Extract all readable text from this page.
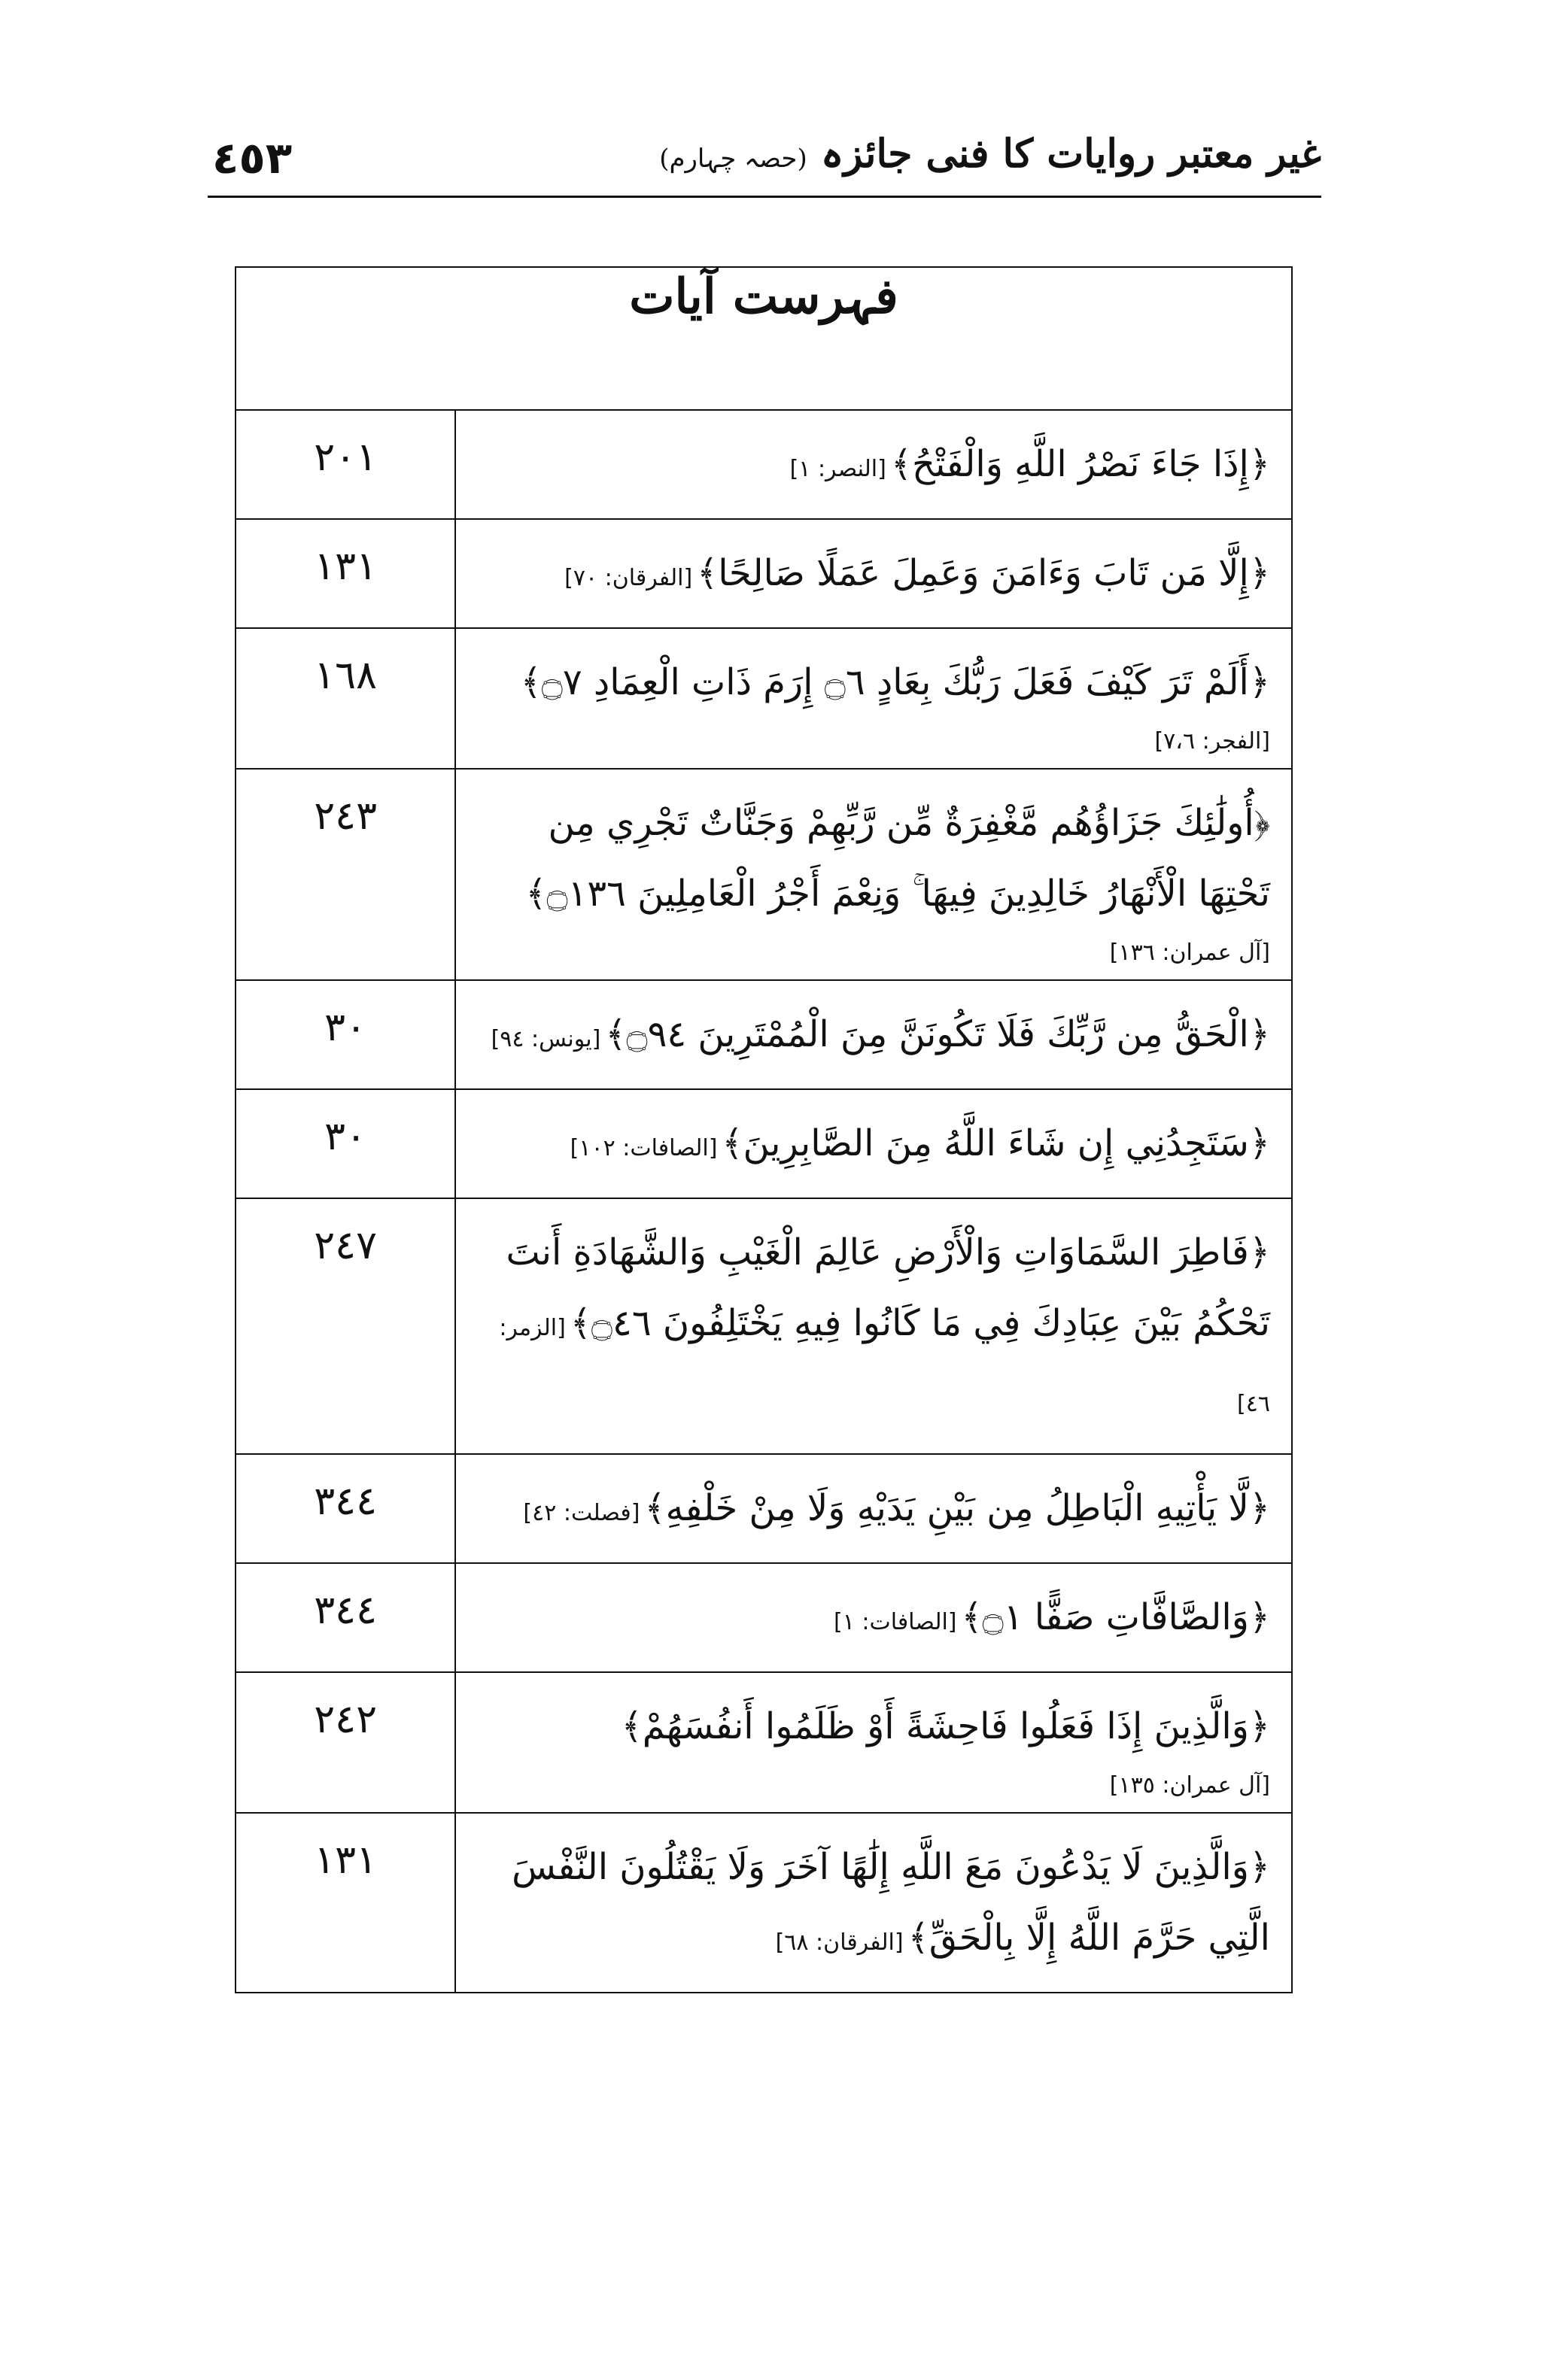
٤٥٣	غیر معتبر روایات کا فنی جائزہ (حصہ چہارم)
فہرست آیات	

﴿إِذَا جَاءَ نَصْرُ اللَّهِ وَالْفَتْحُ﴾[النصر: ١]	٢٠١

﴿إِلَّا مَن تَابَ وَءَامَنَ وَعَمِلَ عَمَلًا صَالِحًا﴾[الفرقان: ٧٠]	١٣١

﴿أَلَمْ تَرَ كَيْفَ فَعَلَ رَبُّكَ بِعَادٍ ۝٦ إِرَمَ ذَاتِ الْعِمَادِ ۝٧﴾
[الفجر: ٧،٦]	١٦٨

﴿أُولَٰئِكَ جَزَاؤُهُم مَّغْفِرَةٌ مِّن رَّبِّهِمْ وَجَنَّاتٌ تَجْرِي مِن تَحْتِهَا الْأَنْهَارُ خَالِدِينَ فِيهَا ۚ وَنِعْمَ أَجْرُ الْعَامِلِينَ ۝١٣٦﴾
[آل عمران: ١٣٦]	٢٤٣

﴿الْحَقُّ مِن رَّبِّكَ فَلَا تَكُونَنَّ مِنَ الْمُمْتَرِينَ ۝٩٤﴾[يونس: ٩٤]	٣٠

﴿سَتَجِدُنِي إِن شَاءَ اللَّهُ مِنَ الصَّابِرِينَ﴾[الصافات: ١٠٢]	٣٠

﴿فَاطِرَ السَّمَاوَاتِ وَالْأَرْضِ عَالِمَ الْغَيْبِ وَالشَّهَادَةِ أَنتَ تَحْكُمُ بَيْنَ عِبَادِكَ فِي مَا كَانُوا فِيهِ يَخْتَلِفُونَ ۝٤٦﴾[الزمر: ٤٦]	٢٤٧

﴿لَّا يَأْتِيهِ الْبَاطِلُ مِن بَيْنِ يَدَيْهِ وَلَا مِنْ خَلْفِهِ﴾[فصلت: ٤٢]	٣٤٤

﴿وَالصَّافَّاتِ صَفًّا ۝١﴾[الصافات: ١]	٣٤٤

﴿وَالَّذِينَ إِذَا فَعَلُوا فَاحِشَةً أَوْ ظَلَمُوا أَنفُسَهُمْ﴾
[آل عمران: ١٣٥]	٢٤٢

﴿وَالَّذِينَ لَا يَدْعُونَ مَعَ اللَّهِ إِلَٰهًا آخَرَ وَلَا يَقْتُلُونَ النَّفْسَ الَّتِي حَرَّمَ اللَّهُ إِلَّا بِالْحَقِّ﴾[الفرقان: ٦٨]	١٣١
